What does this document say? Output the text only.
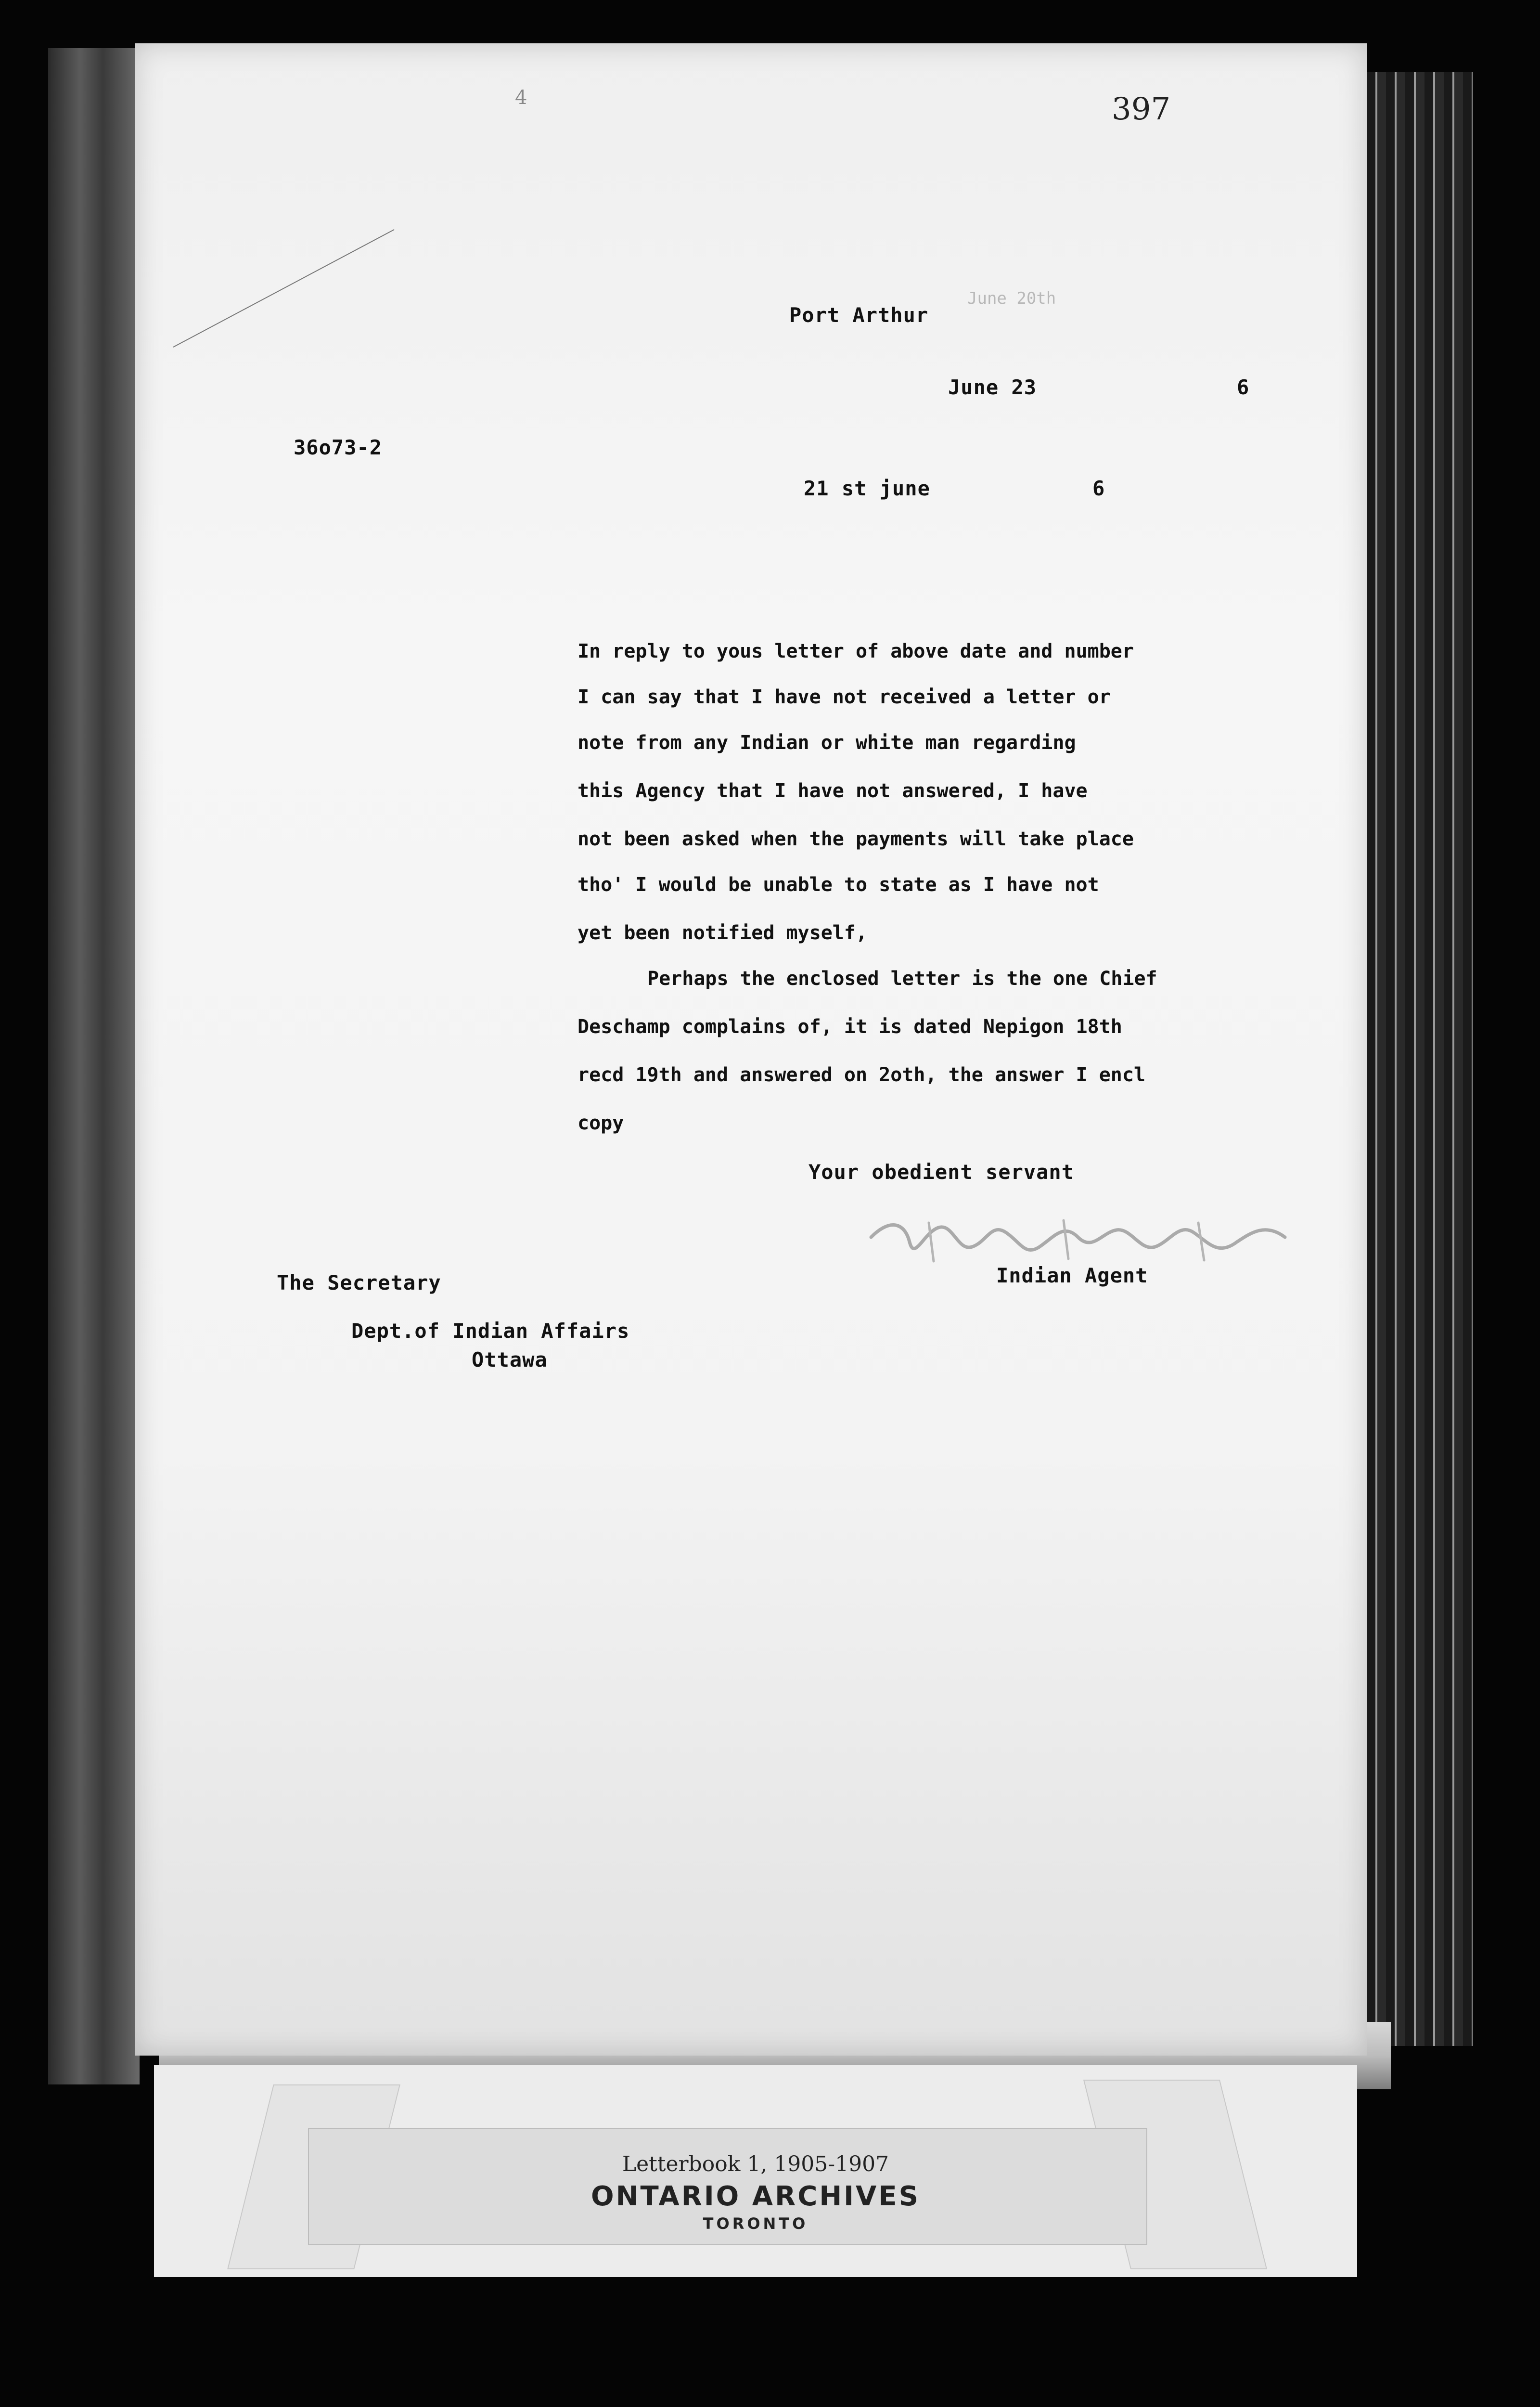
397
4
June 20th
Port Arthur
June 23	6
36o73-2
21 st june	6
In reply to yous letter of above date and number
I can say that I have not received a letter or
note from any Indian or white man regarding
this Agency that I have not answered, I have
not been asked when the payments will take place
tho' I would be unable to state as I have not
yet been notified myself,
Perhaps the enclosed letter is the one Chief
Deschamp complains of, it is dated Nepigon 18th
recd 19th and answered on 2oth, the answer I encl
copy
Your obedient servant
Indian Agent
The Secretary
Dept.of Indian Affairs
Ottawa
Letterbook 1, 1905-1907
ONTARIO ARCHIVES
TORONTO
